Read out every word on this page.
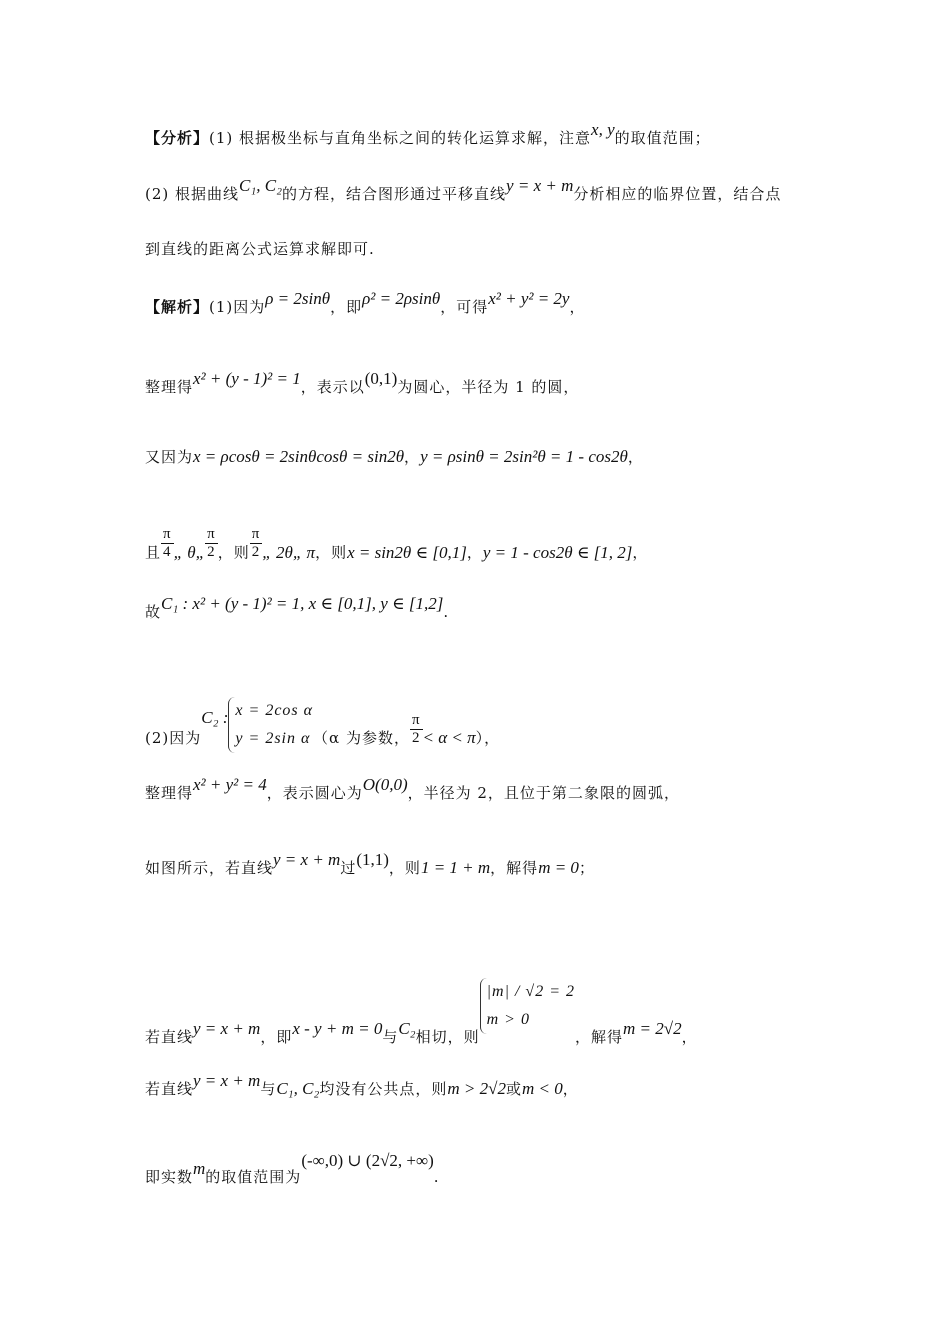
【分析】(1) 根据极坐标与直角坐标之间的转化运算求解，注意x, y的取值范围；
(2) 根据曲线C₁, C₂的方程，结合图形通过平移直线y = x + m分析相应的临界位置，结合点
到直线的距离公式运算求解即可.
【解析】(1)因为ρ = 2sinθ，即ρ² = 2ρsinθ，可得x² + y² = 2y，
整理得x² + (y - 1)² = 1，表示以(0,1)为圆心，半径为 1 的圆，
又因为x = ρcosθ = 2sinθcosθ = sin2θ，y = ρsinθ = 2sin²θ = 1 - cos2θ，
且 $\frac{\pi}{4}$ „ θ„ $\frac{\pi}{2}$ ，则 $\frac{\pi}{2}$ „ 2θ„ π，则x = sin2θ ∈ [0,1]，y = 1 - cos2θ ∈ [1, 2]，
故C₁ : x² + (y - 1)² = 1, x ∈ [0,1], y ∈ [1,2].
(2)因为C₂ : x = 2cos α
y = 2sin α （α 为参数， $\frac{\pi}{2} < \alpha < \pi$），
整理得x² + y² = 4，表示圆心为O(0,0)，半径为 2，且位于第二象限的圆弧，
如图所示，若直线y = x + m过(1,1)，则1 = 1 + m，解得m = 0；
若直线y = x + m，即x - y + m = 0与C₂相切，则
|m| / √2 = 2
m > 0
，解得m = 2√2，
若直线y = x + m与C₁, C₂均没有公共点，则m > 2√2或m < 0，
即实数m的取值范围为(-∞,0) ∪ (2√2, +∞).
